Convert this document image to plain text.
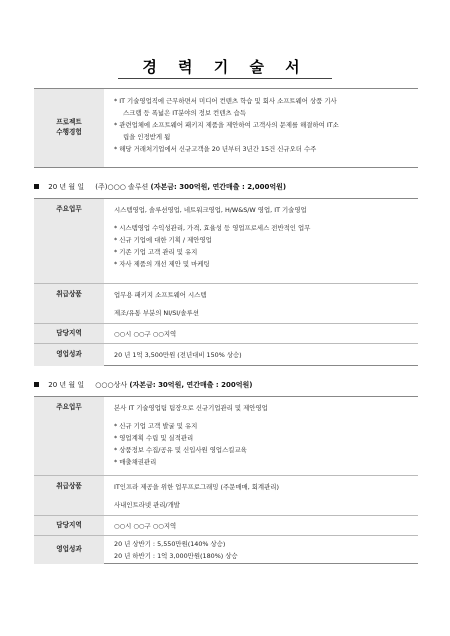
경 력 기 술 서
프로젝트
수행경험

* IT 기술영업직에 근무하면서 미디어 컨텐츠 학습 및 회사 소프트웨어 상품 기사

스크랩 등 폭넓은 IT분야의 정보 컨텐츠 습득

* 관련업체에 소프트웨어 패키지 제품을 제안하여 고객사의 문제를 해결하여 IT소

립을 인정받게 됨

* 해당 거래처기업에서 신규고객을 20 년부터 3년간 15건 신규오더 수주

20 년 월 일 (주)○○○ 솔루션 (자본금: 300억원, 연간매출 : 2,000억원)
주요업무	시스템영업, 솔루션영업, 네트워크영업, H/W&S/W 영업, IT 기술영업

* 시스템영업 수익성관리, 가격, 효율성 등 영업프로세스 전반적인 업무

* 신규 기업에 대한 기획 / 제안영업

* 기존 기업 고객 관리 및 유지

* 자사 제품의 개선 제안 및 마케팅

취급상품	업무용 패키지 소프트웨어 시스템

제조/유통 부분의 NI/SI/솔루션

담당지역	○○시 ○○구 ○○지역
영업성과	20 년 1억 3,500만원 (전년대비 150% 상승)
20 년 월 일 ○○○상사 (자본금: 30억원, 연간매출 : 200억원)
주요업무	본사 IT 기술영업팀 팀장으로 신규기업관리 및 제안영업

* 신규 기업 고객 발굴 및 유지

* 영업계획 수립 및 실적관리

* 상품정보 수집/공유 및 신입사원 영업스킬교육

* 매출채권관리

취급상품	IT인프라 제공을 위한 업무프로그래밍 (주문매매, 회계관리)

사내인트라넷 관리/개발

담당지역	○○시 ○○구 ○○지역
영업성과

20 년 상반기 : 5,550만원(140% 상승)

20 년 하반기 : 1억 3,000만원(180%) 상승
